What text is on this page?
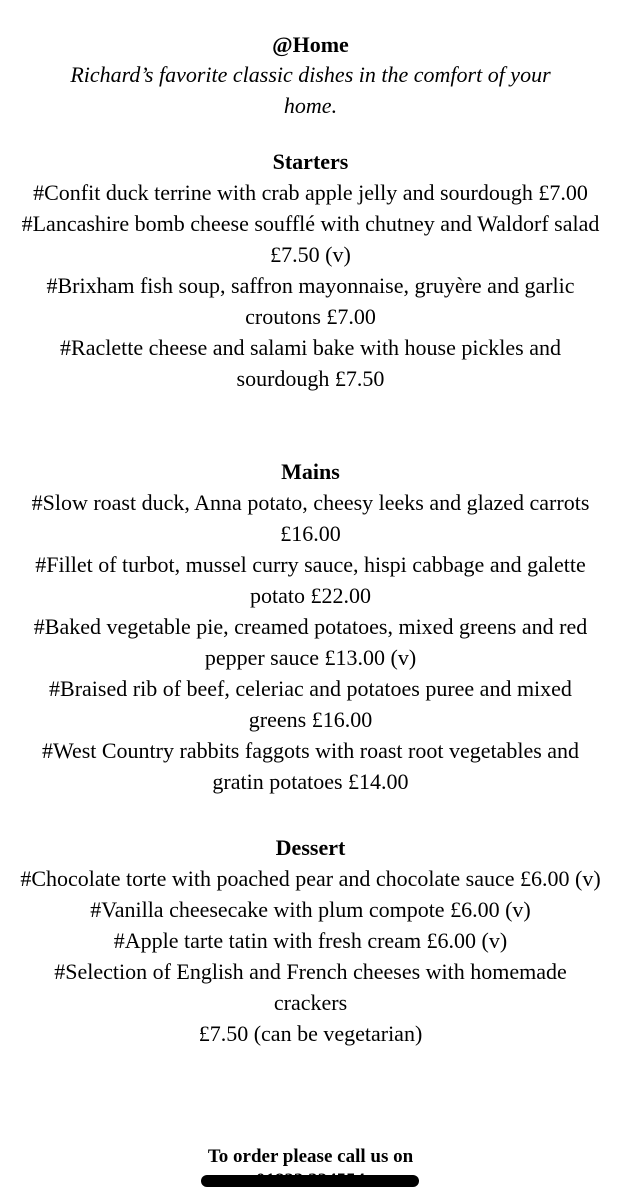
@Home
Richard’s favorite classic dishes in the comfort of your home.

Starters

#Confit duck terrine with crab apple jelly and sourdough £7.00

#Lancashire bomb cheese soufflé with chutney and Waldorf salad £7.50 (v)

#Brixham fish soup, saffron mayonnaise, gruyère and garlic croutons £7.00

#Raclette cheese and salami bake with house pickles and sourdough £7.50

Mains

#Slow roast duck, Anna potato, cheesy leeks and glazed carrots £16.00

#Fillet of turbot, mussel curry sauce, hispi cabbage and galette potato £22.00

#Baked vegetable pie, creamed potatoes, mixed greens and red pepper sauce £13.00 (v)

#Braised rib of beef, celeriac and potatoes puree and mixed greens £16.00

#West Country rabbits faggots with roast root vegetables and gratin potatoes £14.00

Dessert

#Chocolate torte with poached pear and chocolate sauce £6.00 (v)

#Vanilla cheesecake with plum compote £6.00 (v)

#Apple tarte tatin with fresh cream £6.00 (v)

#Selection of English and French cheeses with homemade crackers

£7.50 (can be vegetarian)

To order please call us on
